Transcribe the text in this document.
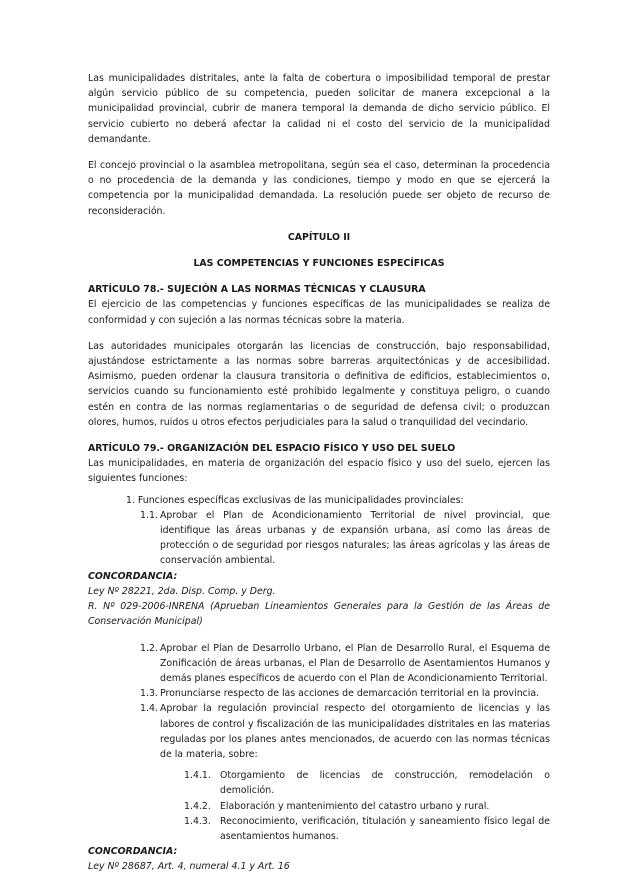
Las municipalidades distritales, ante la falta de cobertura o imposibilidad temporal de prestar algún servicio público de su competencia, pueden solicitar de manera excepcional a la municipalidad provincial, cubrir de manera temporal la demanda de dicho servicio público. El servicio cubierto no deberá afectar la calidad ni el costo del servicio de la municipalidad demandante.

El concejo provincial o la asamblea metropolitana, según sea el caso, determinan la procedencia o no procedencia de la demanda y las condiciones, tiempo y modo en que se ejercerá la competencia por la municipalidad demandada. La resolución puede ser objeto de recurso de reconsideración.

CAPÍTULO II

LAS COMPETENCIAS Y FUNCIONES ESPECÍFICAS

ARTÍCULO 78.- SUJECIÓN A LAS NORMAS TÉCNICAS Y CLAUSURA

El ejercicio de las competencias y funciones específicas de las municipalidades se realiza de conformidad y con sujeción a las normas técnicas sobre la materia.

Las autoridades municipales otorgarán las licencias de construcción, bajo responsabilidad, ajustándose estrictamente a las normas sobre barreras arquitectónicas y de accesibilidad. Asimismo, pueden ordenar la clausura transitoria o definitiva de edificios, establecimientos o, servicios cuando su funcionamiento esté prohibido legalmente y constituya peligro, o cuando estén en contra de las normas reglamentarias o de seguridad de defensa civil; o produzcan olores, humos, ruidos u otros efectos perjudiciales para la salud o tranquilidad del vecindario.

ARTÍCULO 79.- ORGANIZACIÓN DEL ESPACIO FÍSICO Y USO DEL SUELO

Las municipalidades, en materia de organización del espacio físico y uso del suelo, ejercen las siguientes funciones:

1. Funciones específicas exclusivas de las municipalidades provinciales:

1.1. Aprobar el Plan de Acondicionamiento Territorial de nivel provincial, que identifique las áreas urbanas y de expansión urbana, así como las áreas de protección o de seguridad por riesgos naturales; las áreas agrícolas y las áreas de conservación ambiental.

CONCORDANCIA:

Ley Nº 28221, 2da. Disp. Comp. y Derg.

R. Nº 029-2006-INRENA (Aprueban Lineamientos Generales para la Gestión de las Áreas de Conservación Municipal)

1.2. Aprobar el Plan de Desarrollo Urbano, el Plan de Desarrollo Rural, el Esquema de Zonificación de áreas urbanas, el Plan de Desarrollo de Asentamientos Humanos y demás planes específicos de acuerdo con el Plan de Acondicionamiento Territorial.
1.3. Pronunciarse respecto de las acciones de demarcación territorial en la provincia.
1.4. Aprobar la regulación provincial respecto del otorgamiento de licencias y las labores de control y fiscalización de las municipalidades distritales en las materias reguladas por los planes antes mencionados, de acuerdo con las normas técnicas de la materia, sobre:
1.4.1. Otorgamiento de licencias de construcción, remodelación o demolición.
1.4.2. Elaboración y mantenimiento del catastro urbano y rural.
1.4.3. Reconocimiento, verificación, titulación y saneamiento físico legal de asentamientos humanos.

CONCORDANCIA:

Ley Nº 28687, Art. 4, numeral 4.1 y Art. 16
